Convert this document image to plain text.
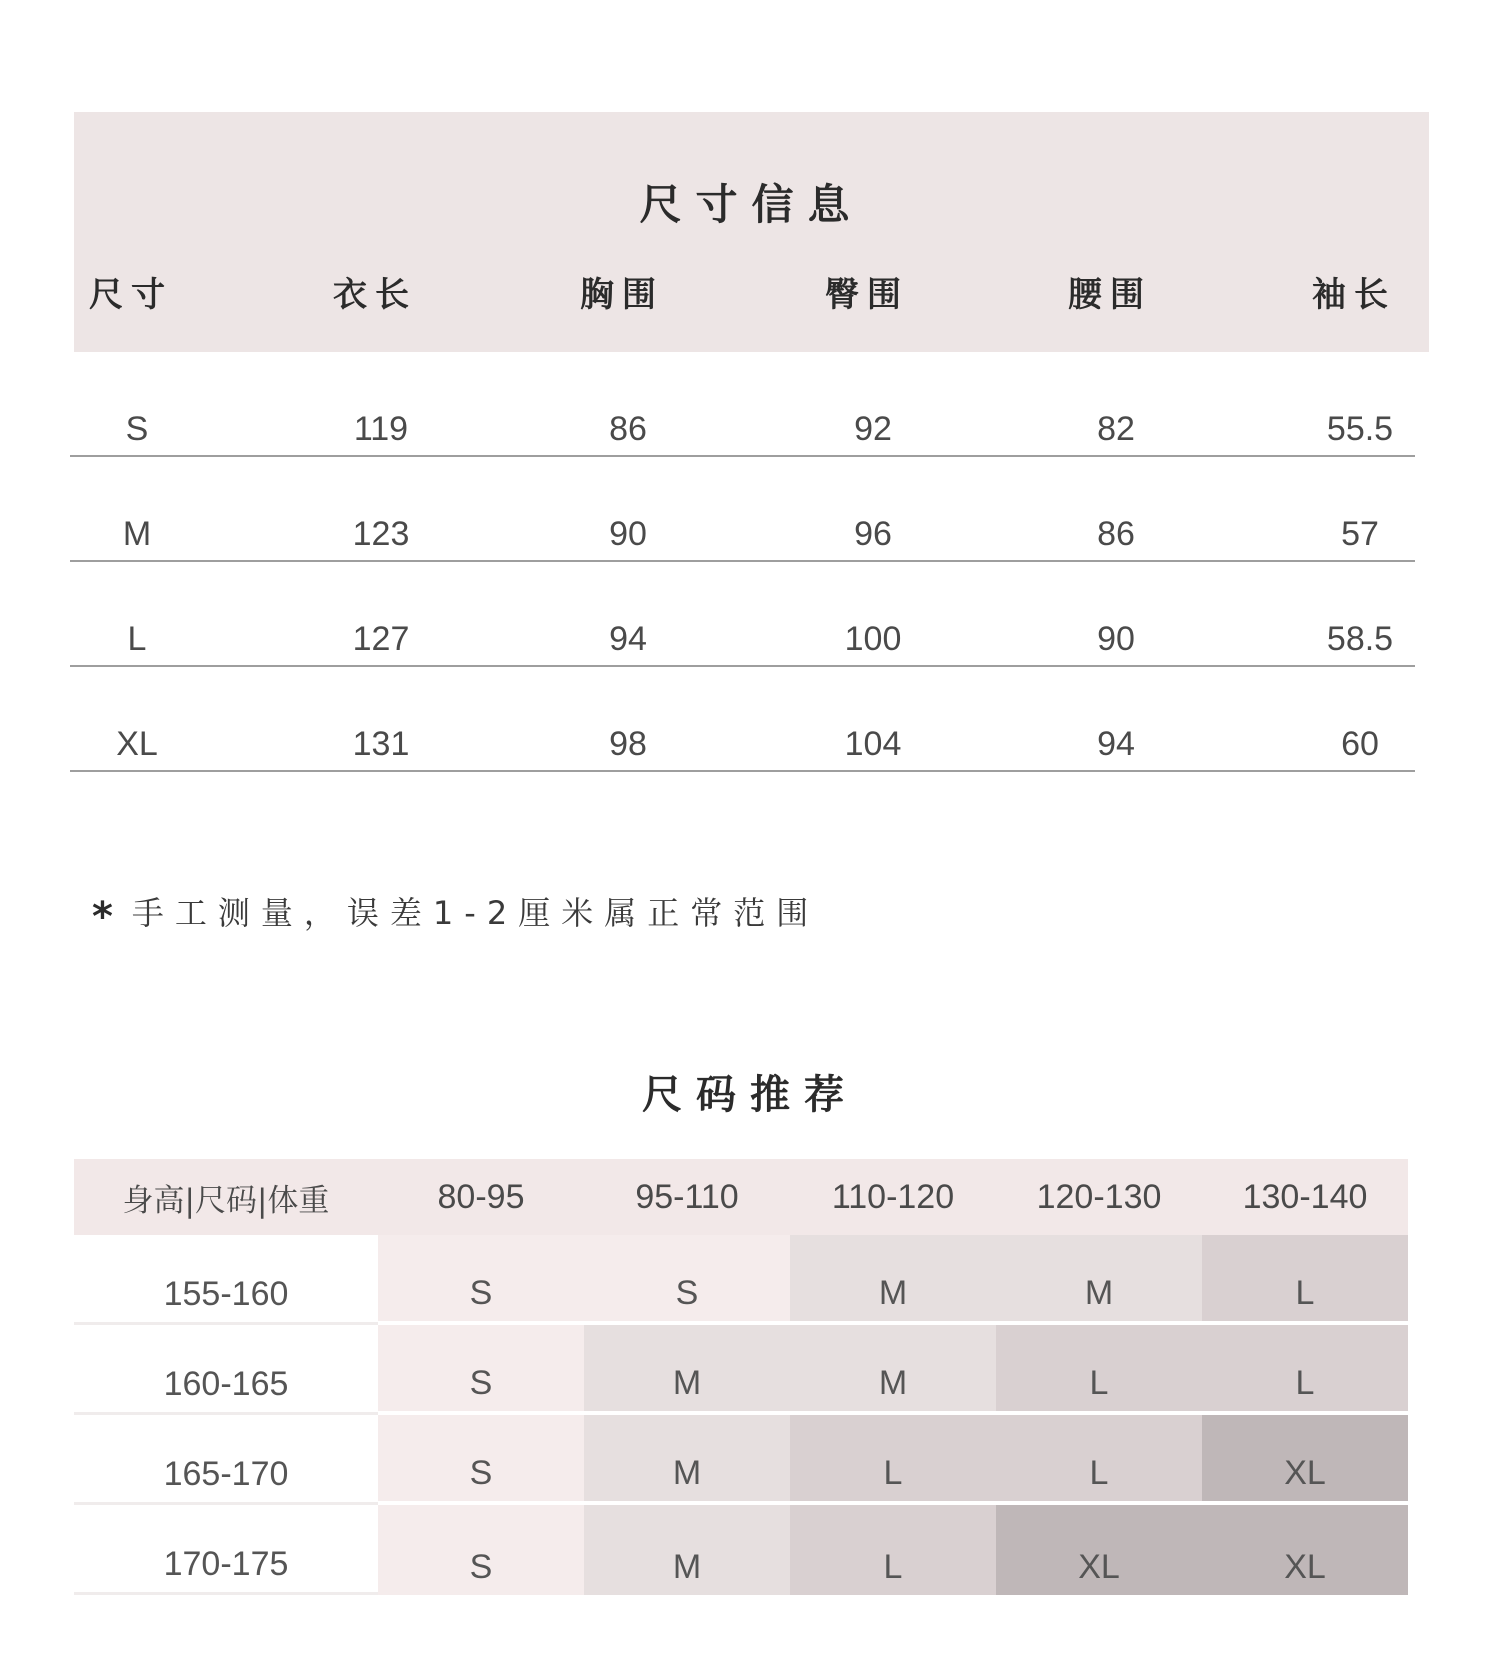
尺寸信息
尺寸	衣长	胸围	臀围	腰围	袖长
S	119	86	92	82	55.5
M	123	90	96	86	57
L	127	94	100	90	58.5
XL	131	98	104	94	60
* 手工测量，误差1-2厘米属正常范围
尺码推荐
身高|尺码|体重	80-95	95-110	110-120	120-130	130-140
155-160	S	S	M	M	L
160-165	S	M	M	L	L
165-170	S	M	L	L	XL
170-175	S	M	L	XL	XL
